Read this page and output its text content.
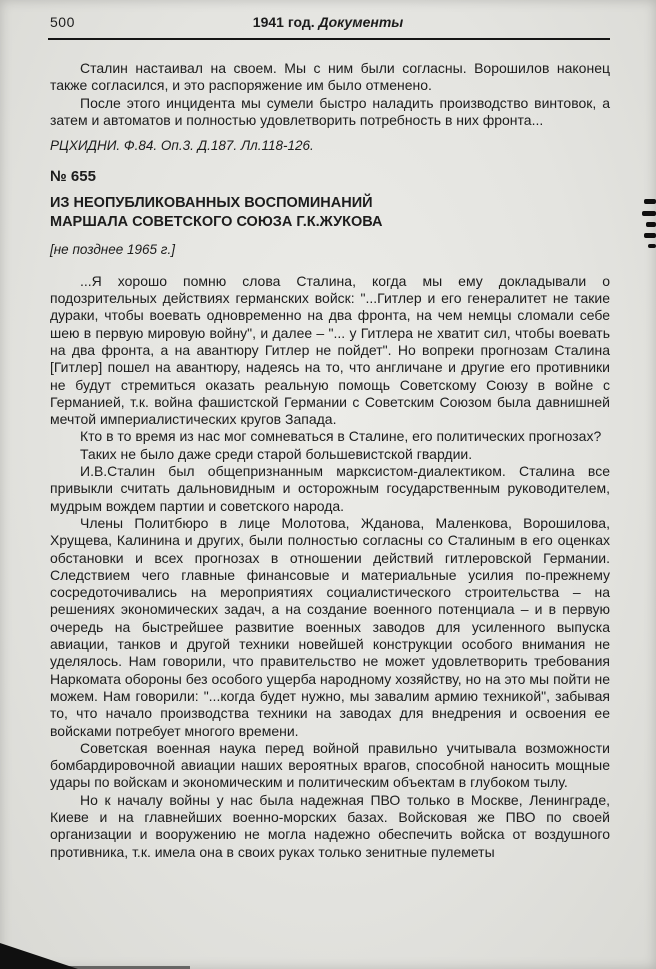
500	1941 год. Документы

Сталин настаивал на своем. Мы с ним были согласны. Ворошилов наконец также согласился, и это распоряжение им было отменено.

После этого инцидента мы сумели быстро наладить производство винтовок, а затем и автоматов и полностью удовлетворить потребность в них фронта...

РЦХИДНИ. Ф.84. Оп.3. Д.187. Лл.118-126.

№ 655
ИЗ НЕОПУБЛИКОВАННЫХ ВОСПОМИНАНИЙ
МАРШАЛА СОВЕТСКОГО СОЮЗА Г.К.ЖУКОВА

[не позднее 1965 г.]

...Я хорошо помню слова Сталина, когда мы ему докладывали о подозрительных действиях германских войск: "...Гитлер и его генералитет не такие дураки, чтобы воевать одновременно на два фронта, на чем немцы сломали себе шею в первую мировую войну", и далее – "... у Гитлера не хватит сил, чтобы воевать на два фронта, а на авантюру Гитлер не пойдет". Но вопреки прогнозам Сталина [Гитлер] пошел на авантюру, надеясь на то, что англичане и другие его противники не будут стремиться оказать реальную помощь Советскому Союзу в войне с Германией, т.к. война фашистской Германии с Советским Союзом была давнишней мечтой империалистических кругов Запада.

Кто в то время из нас мог сомневаться в Сталине, его политических прогнозах?

Таких не было даже среди старой большевистской гвардии.

И.В.Сталин был общепризнанным марксистом-диалектиком. Сталина все привыкли считать дальновидным и осторожным государственным руководителем, мудрым вождем партии и советского народа.

Члены Политбюро в лице Молотова, Жданова, Маленкова, Ворошилова, Хрущева, Калинина и других, были полностью согласны со Сталиным в его оценках обстановки и всех прогнозах в отношении действий гитлеровской Германии. Следствием чего главные финансовые и материальные усилия по-прежнему сосредоточивались на мероприятиях социалистического строительства – на решениях экономических задач, а на создание военного потенциала – и в первую очередь на быстрейшее развитие военных заводов для усиленного выпуска авиации, танков и другой техники новейшей конструкции особого внимания не уделялось. Нам говорили, что правительство не может удовлетворить требования Наркомата обороны без особого ущерба народному хозяйству, но на это мы пойти не можем. Нам говорили: "...когда будет нужно, мы завалим армию техникой", забывая то, что начало производства техники на заводах для внедрения и освоения ее войсками потребует многого времени.

Советская военная наука перед войной правильно учитывала возможности бомбардировочной авиации наших вероятных врагов, способной наносить мощные удары по войскам и экономическим и политическим объектам в глубоком тылу.

Но к началу войны у нас была надежная ПВО только в Москве, Ленинграде, Киеве и на главнейших военно-морских базах. Войсковая же ПВО по своей организации и вооружению не могла надежно обеспечить войска от воздушного противника, т.к. имела она в своих руках только зенитные пулеметы
